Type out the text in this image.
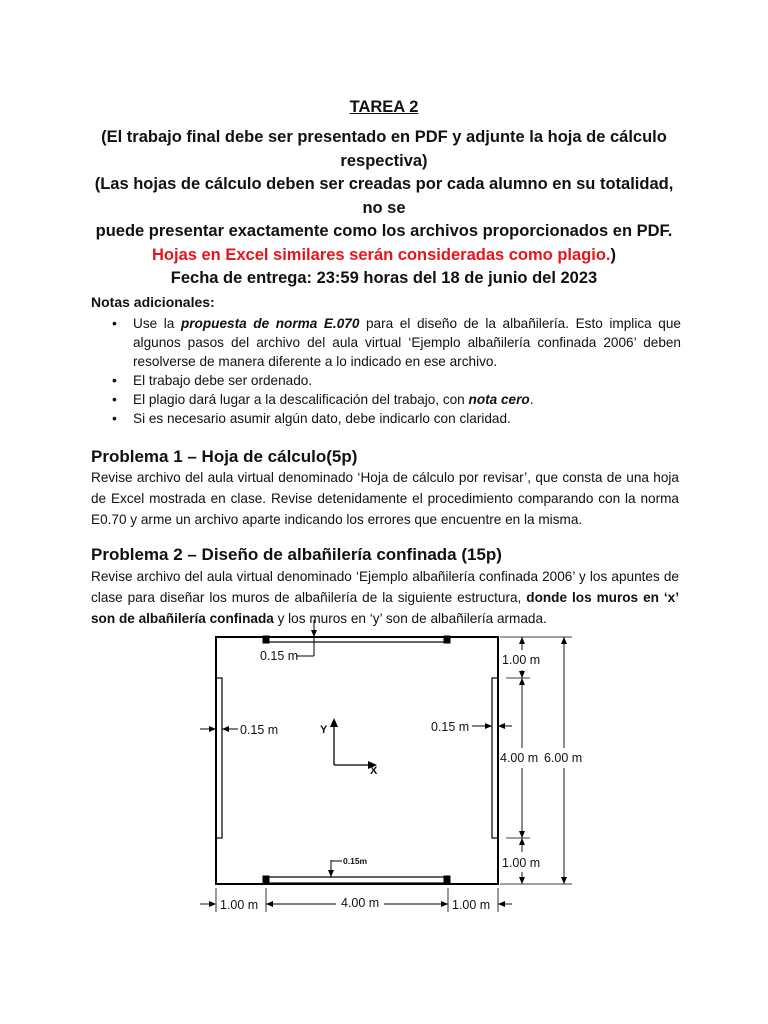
TAREA 2
(El trabajo final debe ser presentado en PDF y adjunte la hoja de cálculo
respectiva)
(Las hojas de cálculo deben ser creadas por cada alumno en su totalidad, no se
puede presentar exactamente como los archivos proporcionados en PDF.
Hojas en Excel similares serán consideradas como plagio.)
Fecha de entrega: 23:59 horas del 18 de junio del 2023
Notas adicionales:
• Use la propuesta de norma E.070 para el diseño de la albañilería. Esto implica que algunos pasos del archivo del aula virtual ‘Ejemplo albañilería confinada 2006’ deben resolverse de manera diferente a lo indicado en ese archivo.
• El trabajo debe ser ordenado.
• El plagio dará lugar a la descalificación del trabajo, con nota cero.
• Si es necesario asumir algún dato, debe indicarlo con claridad.
Problema 1 – Hoja de cálculo(5p)
Revise archivo del aula virtual denominado ‘Hoja de cálculo por revisar’, que consta de una hoja de Excel mostrada en clase. Revise detenidamente el procedimiento comparando con la norma E0.70 y arme un archivo aparte indicando los errores que encuentre en la misma.
Problema 2 – Diseño de albañilería confinada (15p)
Revise archivo del aula virtual denominado ‘Ejemplo albañilería confinada 2006’ y los apuntes de clase para diseñar los muros de albañilería de la siguiente estructura, donde los muros en ‘x’ son de albañilería confinada y los muros en ‘y’ son de albañilería armada.
0.15 m
0.15 m	0.15 m
0.15m
Y
X
1.00 m
4.00 m 6.00 m
1.00 m
1.00 m	4.00 m	1.00 m
